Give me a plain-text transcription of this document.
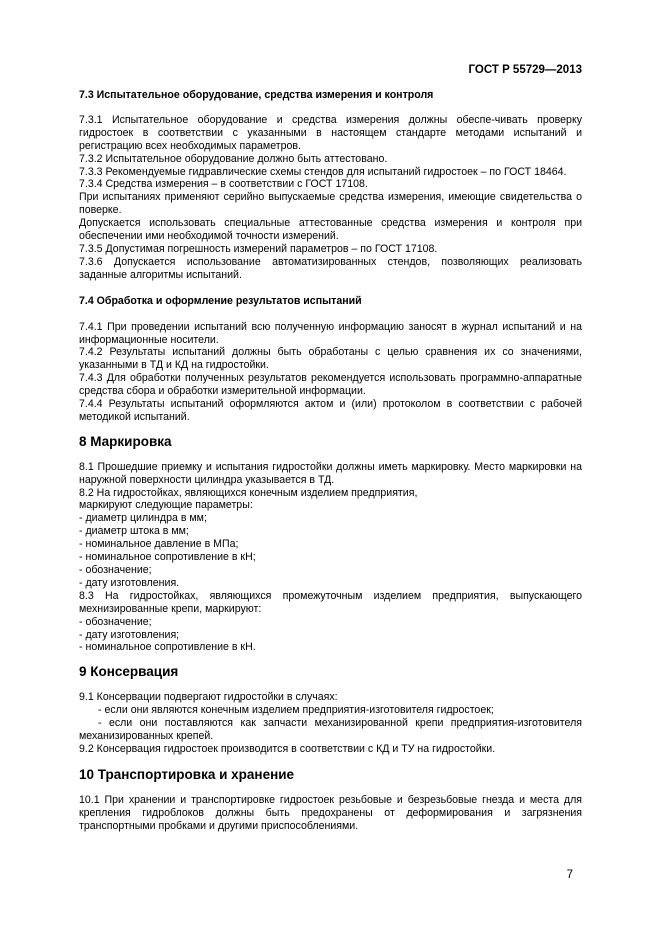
ГОСТ Р 55729—2013

7.3 Испытательное оборудование, средства измерения и контроля

7.3.1 Испытательное оборудование и средства измерения должны обеспе-чивать проверку гидростоек в соответствии с указанными в настоящем стандарте методами испытаний и регистрацию всех необходимых параметров.

7.3.2 Испытательное оборудование должно быть аттестовано.

7.3.3 Рекомендуемые гидравлические схемы стендов для испытаний гидростоек – по ГОСТ 18464.

7.3.4 Средства измерения – в соответствии с ГОСТ 17108.

При испытаниях применяют серийно выпускаемые средства измерения, имеющие свидетельства о поверке.

Допускается использовать специальные аттестованные средства измерения и контроля при обеспечении ими необходимой точности измерений.

7.3.5 Допустимая погрешность измерений параметров – по ГОСТ 17108.

7.3.6 Допускается использование автоматизированных стендов, позволяющих реализовать заданные алгоритмы испытаний.

7.4 Обработка и оформление результатов испытаний

7.4.1 При проведении испытаний всю полученную информацию заносят в журнал испытаний и на информационные носители.

7.4.2 Результаты испытаний должны быть обработаны с целью сравнения их со значениями, указанными в ТД и КД на гидростойки.

7.4.3 Для обработки полученных результатов рекомендуется использовать программно-аппаратные средства сбора и обработки измерительной информации.

7.4.4 Результаты испытаний оформляются актом и (или) протоколом в соответствии с рабочей методикой испытаний.

8 Маркировка

8.1 Прошедшие приемку и испытания гидростойки должны иметь маркировку. Место маркировки на наружной поверхности цилиндра указывается в ТД.

8.2 На гидростойках, являющихся конечным изделием предприятия,

маркируют следующие параметры:

- диаметр цилиндра в мм;

- диаметр штока в мм;

- номинальное давление в МПа;

- номинальное сопротивление в кН;

- обозначение;

- дату изготовления.

8.3 На гидростойках, являющихся промежуточным изделием предприятия, выпускающего мехнизированные крепи, маркируют:

- обозначение;

- дату изготовления;

- номинальное сопротивление в кН.

9 Консервация

9.1 Консервации подвергают гидростойки в случаях:

- если они являются конечным изделием предприятия-изготовителя гидростоек;

- если они поставляются как запчасти механизированной крепи предприятия-изготовителя механизированных крепей.

9.2 Консервация гидростоек производится в соответствии с КД и ТУ на гидростойки.

10 Транспортировка и хранение

10.1 При хранении и транспортировке гидростоек резьбовые и безрезьбовые гнезда и места для крепления гидроблоков должны быть предохранены от деформирования и загрязнения транспортными пробками и другими приспособлениями.

7
